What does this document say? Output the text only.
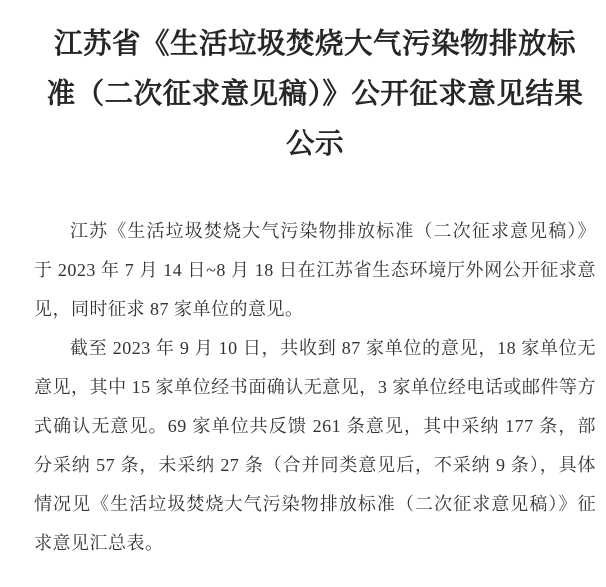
江苏省《生活垃圾焚烧大气污染物排放标
准（二次征求意见稿）》公开征求意见结果
公示

江苏《生活垃圾焚烧大气污染物排放标准（二次征求意见稿）》于 2023 年 7 月 14 日~8 月 18 日在江苏省生态环境厅外网公开征求意见，同时征求 87 家单位的意见。

截至 2023 年 9 月 10 日，共收到 87 家单位的意见，18 家单位无意见，其中 15 家单位经书面确认无意见，3 家单位经电话或邮件等方式确认无意见。69 家单位共反馈 261 条意见，其中采纳 177 条，部分采纳 57 条，未采纳 27 条（合并同类意见后，不采纳 9 条），具体情况见《生活垃圾焚烧大气污染物排放标准（二次征求意见稿）》征求意见汇总表。
